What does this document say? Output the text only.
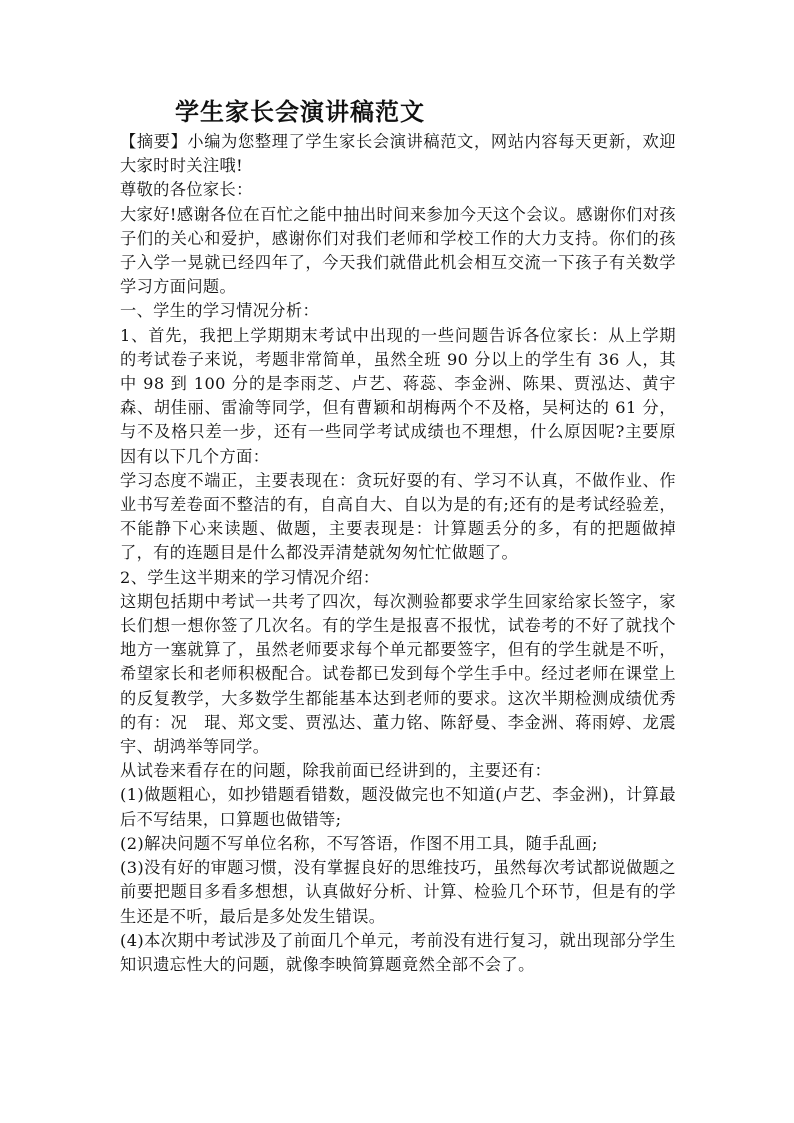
学生家长会演讲稿范文

【摘要】小编为您整理了学生家长会演讲稿范文，网站内容每天更新，欢迎大家时时关注哦!

尊敬的各位家长：

大家好!感谢各位在百忙之能中抽出时间来参加今天这个会议。感谢你们对孩子们的关心和爱护，感谢你们对我们老师和学校工作的大力支持。你们的孩子入学一晃就已经四年了，今天我们就借此机会相互交流一下孩子有关数学学习方面问题。

一、学生的学习情况分析：

1、首先，我把上学期期末考试中出现的一些问题告诉各位家长：从上学期的考试卷子来说，考题非常简单，虽然全班 90 分以上的学生有 36 人，其中 98 到 100 分的是李雨芝、卢艺、蒋蕊、李金洲、陈果、贾泓达、黄宇森、胡佳丽、雷渝等同学，但有曹颖和胡梅两个不及格，吴柯达的 61 分，与不及格只差一步，还有一些同学考试成绩也不理想，什么原因呢?主要原因有以下几个方面：

学习态度不端正，主要表现在：贪玩好耍的有、学习不认真，不做作业、作业书写差卷面不整洁的有，自高自大、自以为是的有;还有的是考试经验差，不能静下心来读题、做题，主要表现是：计算题丢分的多，有的把题做掉了，有的连题目是什么都没弄清楚就匆匆忙忙做题了。

2、学生这半期来的学习情况介绍：

这期包括期中考试一共考了四次，每次测验都要求学生回家给家长签字，家长们想一想你签了几次名。有的学生是报喜不报忧，试卷考的不好了就找个地方一塞就算了，虽然老师要求每个单元都要签字，但有的学生就是不听，希望家长和老师积极配合。试卷都已发到每个学生手中。经过老师在课堂上的反复教学，大多数学生都能基本达到老师的要求。这次半期检测成绩优秀的有：况　琨、郑文雯、贾泓达、董力铭、陈舒曼、李金洲、蒋雨婷、龙震宇、胡鸿举等同学。

从试卷来看存在的问题，除我前面已经讲到的，主要还有：

(1)做题粗心，如抄错题看错数，题没做完也不知道(卢艺、李金洲)，计算最后不写结果，口算题也做错等;

(2)解决问题不写单位名称，不写答语，作图不用工具，随手乱画;

(3)没有好的审题习惯，没有掌握良好的思维技巧，虽然每次考试都说做题之前要把题目多看多想想，认真做好分析、计算、检验几个环节，但是有的学生还是不听，最后是多处发生错误。

(4)本次期中考试涉及了前面几个单元，考前没有进行复习，就出现部分学生知识遗忘性大的问题，就像李映简算题竟然全部不会了。
